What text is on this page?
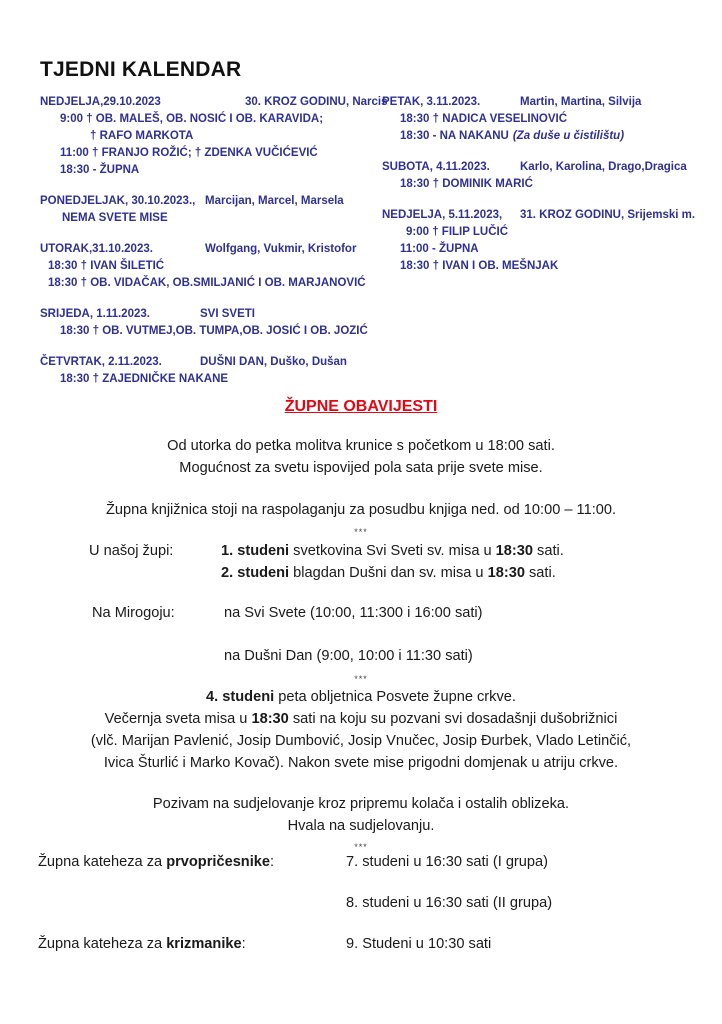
TJEDNI KALENDAR
NEDJELJA,29.10.2023	30. KROZ GODINU, Narcis
9:00 † OB. MALEŠ, OB. NOSIĆ I OB. KARAVIDA;
† RAFO MARKOTA
11:00 † FRANJO ROŽIĆ; † ZDENKA VUČIĆEVIĆ
18:30 - ŽUPNA
PONEDJELJAK, 30.10.2023., Marcijan, Marcel, Marsela
NEMA SVETE MISE
UTORAK,31.10.2023.	Wolfgang, Vukmir, Kristofor
18:30 † IVAN ŠILETIĆ
18:30 † OB. VIDAČAK, OB.SMILJANIĆ I OB. MARJANOVIĆ
SRIJEDA, 1.11.2023.	SVI SVETI
18:30 † OB. VUTMEJ,OB. TUMPA,OB. JOSIĆ I OB. JOZIĆ
ČETVRTAK, 2.11.2023.	DUŠNI DAN, Duško, Dušan
18:30 † ZAJEDNIČKE NAKANE
PETAK, 3.11.2023.	Martin, Martina, Silvija
18:30 † NADICA VESELINOVIĆ
18:30 - NA NAKANU (Za duše u čistilištu)
SUBOTA, 4.11.2023.	Karlo, Karolina, Drago,Dragica
18:30 † DOMINIK MARIĆ
NEDJELJA, 5.11.2023, 31. KROZ GODINU, Srijemski m.
9:00 † FILIP LUČIĆ
11:00 - ŽUPNA
18:30 † IVAN I OB. MEŠNJAK
ŽUPNE OBAVIJESTI
Od utorka do petka molitva krunice s početkom u 18:00 sati.
Mogućnost za svetu ispovijed pola sata prije svete mise.
Župna knjižnica stoji na raspolaganju za posudbu knjiga ned. od 10:00 – 11:00.
***
U našoj župi:	1. studeni svetkovina Svi Sveti sv. misa u 18:30 sati.
2. studeni blagdan Dušni dan sv. misa u 18:30 sati.
Na Mirogoju:	na Svi Svete (10:00, 11:300 i 16:00 sati)
na Dušni Dan (9:00, 10:00 i 11:30 sati)
***
4. studeni peta obljetnica Posvete župne crkve.
Večernja sveta misa u 18:30 sati na koju su pozvani svi dosadašnji dušobrižnici
(vlč. Marijan Pavlenić, Josip Dumbović, Josip Vnučec, Josip Đurbek, Vlado Letinčić,
Ivica Šturlić i Marko Kovač). Nakon svete mise prigodni domjenak u atriju crkve.
Pozivam na sudjelovanje kroz pripremu kolača i ostalih oblizeka.
Hvala na sudjelovanju.
***
Župna kateheza za prvopričesnike:	7. studeni u 16:30 sati (I grupa)
8. studeni u 16:30 sati (II grupa)
Župna kateheza za krizmanike:	9. Studeni u 10:30 sati
